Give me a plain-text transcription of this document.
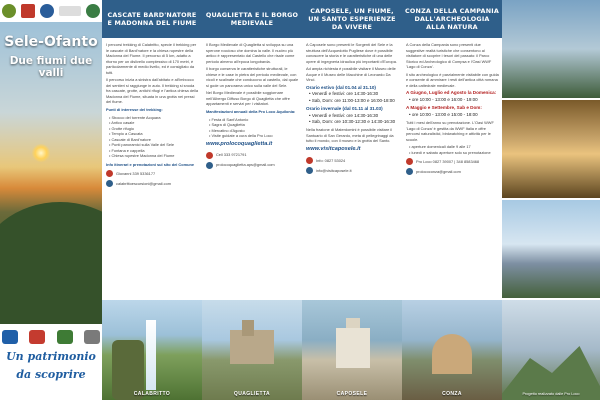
Sele-Ofanto
Due fiumi due valli
Un patrimonio
da scoprire
CASCATE BARD'NATORE E MADONNA DEL FIUME

I percorsi trekking di Calabritto, specie il trekking per le cascate di Bard'natore e la chiesa rupestre della Madonna del Fiume. Il percorso di 5 km, adatto a ritorno per un dislivello complessivo di 170 metri, è particolarmente di medio livello, ed è consigliato da tutti.

Il percorso inizia a sinistra dall'abitato e all'imbocco dei sentieri si raggiunge in auto. Il trekking si snoda fra cascate, grotte, antichi rifugi e l'antica chiesa della Madonna del Fiume, situata in una grotta nei pressi del fiume.

Punti di interesse del trekking:

• Sbocco del torrente Acquara
• Antico casale
• Grotte rifugio
• Tempio a Cascata
• Cascate di Bard'natore
• Punti panoramici sulla Valle del Sele
• Fontana e cappella
• Chiesa rupestre Madonna del Fiume

Info itinerari e prenotazioni sul sito del Comune

Giovanni 339 5336177
calabrittoescursioni@gmail.com
CALABRITTO
QUAGLIETTA E IL BORGO MEDIEVALE

Il Borgo Medievale di Quaglietta si sviluppa su una sperone roccioso che domina la valle. Il nucleo più antico è rappresentato dal Castello che risale come periodo almeno all'epoca longobarda.

Il borgo conserva le caratteristiche strutturali, le chiese e le case in pietra del periodo medievale, con vicoli e scalinate che conducono al castello, dal quale si gode un panorama unico sulla valle del Sele.

Nel Borgo Medievale è possibile soggiornare nell'Albergo Diffuso Borgo di Quaglietta che offre appartamenti e servizi per i visitatori.

Manifestazioni annuali della Pro Loco Aquilonia:

• Festa di Sant'Antonio
• Sagra di Quaglietta
• Mercatino d'Agosto
• Visite guidate a cura della Pro Loco
www.prolocoquaglietta.it
Cell 333 9721791
prolocoquaglietta.aps@gmail.com
QUAGLIETTA
CAPOSELE, UN FIUME, UN SANTO ESPERIENZE DA VIVERE

A Caposele sono presenti le Sorgenti del Sele e la struttura dell'Acquedotto Pugliese dove è possibile conoscere la storia e le caratteristiche di una delle opere di ingegneria idraulica più importanti d'Europa.

Ad ampia richiesta è possibile visitare il Museo delle Acque e il Museo delle Macchine di Leonardo Da Vinci.

Orario estivo (dal 01.04 al 31.10)
• Venerdì e festivi: ore 14:30-16:30
• Sab, Dom: ore 11:00-13:00 e 16:00-18:00
Orario invernale (dal 01.11 al 31.03)
• Venerdì e festivi: ore 14:30-16:30
• Sab, Dom: ore 10:30-12:30 e 14:30-16:30

Nella frazione di Materdomini è possibile visitare il Santuario di San Gerardo, meta di pellegrinaggi da tutto il mondo, con il museo e la grotta del Santo.

www.visitcaposele.it
Info: 0827 53024
info@visitcaposele.it
CAPOSELE
CONZA DELLA CAMPANIA DALL'ARCHEOLOGIA ALLA NATURA

A Conza della Campania sono presenti due suggestive realtà turistiche che consentono al visitatore di scoprire i tesori del passato: il Parco Storico ed Archeologico di Compsa e l'Oasi WWF 'Lago di Conza'.

Il sito archeologico è parzialmente visitabile con guida e consente di ammirare i resti dell'antica città romana e della cattedrale medievale.

A Giugno, Luglio ed Agosto la Domenica:
• ore 10:00 - 13:00 e 16:00 - 19:00
A Maggio e Settembre, Sab e Dom:
• ore 10:00 - 13:00 e 15:00 - 18:00

Tutti i mesi dell'anno su prenotazione. L'Oasi WWF 'Lago di Conza' è gestita da WWF Italia e offre percorsi naturalistici, birdwatching e attività per le scuole.

• aperture domenicali dalle 9 alle 17
• lunedì e sabato aperture solo su prenotazione
Pro Loco 0827 39007 | 348 8583468
prolococonza@gmail.com
CONZA	Progetto realizzato dalle Pro Loco
